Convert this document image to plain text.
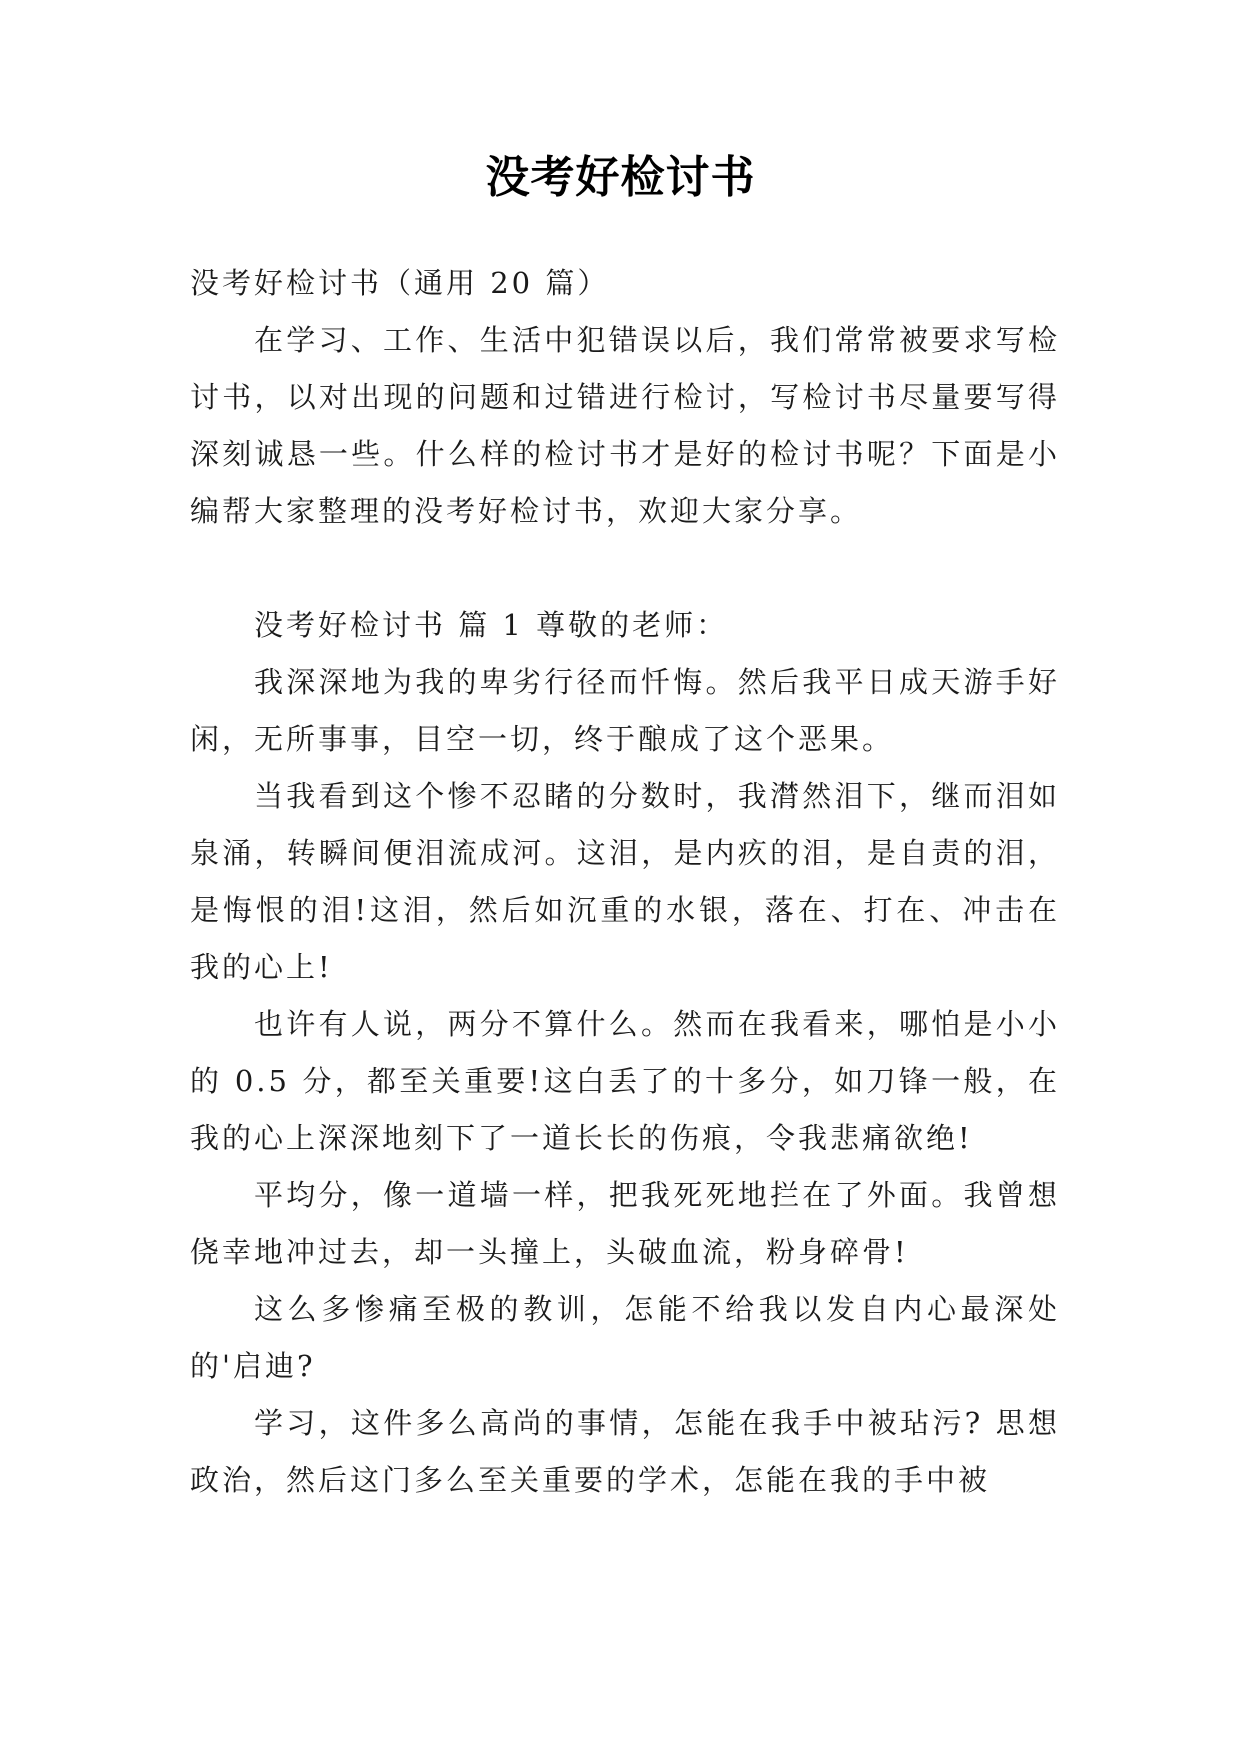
没考好检讨书

没考好检讨书（通用 20 篇）

在学习、工作、生活中犯错误以后，我们常常被要求写检讨书，以对出现的问题和过错进行检讨，写检讨书尽量要写得深刻诚恳一些。什么样的检讨书才是好的检讨书呢？下面是小编帮大家整理的没考好检讨书，欢迎大家分享。

没考好检讨书 篇 1 尊敬的老师：

我深深地为我的卑劣行径而忏悔。然后我平日成天游手好闲，无所事事，目空一切，终于酿成了这个恶果。

当我看到这个惨不忍睹的分数时，我潸然泪下，继而泪如泉涌，转瞬间便泪流成河。这泪，是内疚的泪，是自责的泪，是悔恨的泪!这泪，然后如沉重的水银，落在、打在、冲击在我的心上!

也许有人说，两分不算什么。然而在我看来，哪怕是小小的 0.5 分，都至关重要!这白丢了的十多分，如刀锋一般，在我的心上深深地刻下了一道长长的伤痕，令我悲痛欲绝!

平均分，像一道墙一样，把我死死地拦在了外面。我曾想侥幸地冲过去，却一头撞上，头破血流，粉身碎骨!

这么多惨痛至极的教训，怎能不给我以发自内心最深处的'启迪?

学习，这件多么高尚的事情，怎能在我手中被玷污? 思想政治，然后这门多么至关重要的学术，怎能在我的手中被
